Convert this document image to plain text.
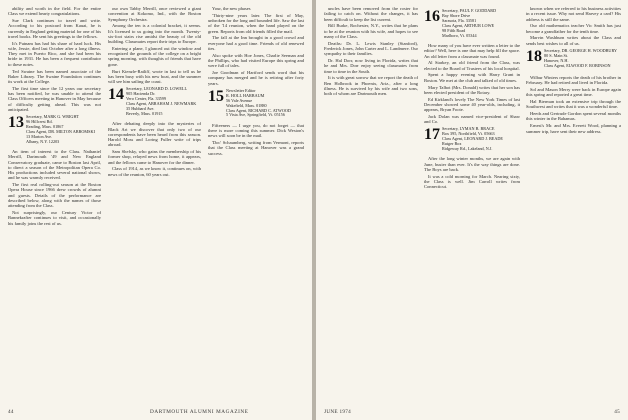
ability and worth in the field. For the entire Class we extend hearty congratulations.

Sue Clark continues to travel and write. According to his postcard from Kauai, he is currently in England getting material for one of his travel books. He sent his greetings to the fellows.

It's Putnam has had his share of hard luck. His wife, Jessie, died last October after a long illness. They met in Puerto Rico, and she had been his bride in 1931. He has been a frequent contributor to these notes.

Ted Swaine has been named associate of the Baker Library. The Swaine Foundation continues its work at the College.

The first time since the 12 years our secretary has been notified, he was unable to attend the Class Officers meeting in Hanover in May because of difficulty getting ahead. This was not anticipated.

13 Secretary, MARK G. WRIGHT
96 Hillcrest Rd.
Reading, Mass. 01867
Class Agent, DR. MILTON ABROMSKI
13 Marion Ave.
Albany, N.Y. 12203

An item of interest to the Class. Nathaniel Merrill, Dartmouth '49 and New England Conservatory graduate, came to Boston last April, to direct a season of the Metropolitan Opera Co. His productions included several national shows, and he was warmly received.

The first real rolling-out season at the Boston Opera House since 1966 drew crowds of alumni and guests. Details of the performance are described below, along with the names of those attending from the Class.

Not surprisingly, our Century Victor of Bannekrafter continues to visit, and occasionally his family joins the rest of us.

our own Tabby Merrill, once reviewed a giant convention at Kokomo, Ind., with the Boston Symphony Orchestra.

Among the ten is a colonial bracket, it seems. It's licensed to us going into the month. Twenty-six-foot stairs rise amidst the beauty of the old building. Classmates report their trips to Europe.

Entering a plane, I glanced out the window and recognized the grounds of the college on a bright spring morning, with thoughts of friends that have gone.

Burt Kienzle-Ratliff, wrote in last to tell us he has been busy with his new boat, and the summer will see him sailing the coast.

14 Secretary, LEONARD D. LOWELL
905 Hacienda Dr.
Vero Center, Fla. 33599
Class Agent, ABRAHAM J. NEWMARK
35 Hubbard Ave.
Beverly, Mass. 01915

After debating deeply into the mysteries of Black Art we discover that only two of our correspondents have been heard from this season. Harold Moss and Loring Fuller write of trips abroad.

Sam Shefsky, who gains the membership of his former shop, relayed news from home, it appears, and the fellows came to Hanover for the dinner.

Class of 1914, as we know it, continues on, with news of the reunion, 60 years out.

Your, the new phases

'Thirty-nine years later. The first of May, unbroken for the long and bounded life. Saw the last of the '14 reunion, when the band played on the green. Reports from old friends filled the mail.

The fall at the Inn brought in a good crowd and everyone had a good time. Friends of old renewed ties.

Also spoke with Hoe Jones, Charlie Seeman and the Phillips, who had visited Europe this spring and were full of tales.

Joe Goodman of Hartford sends word that his company has merged and he is retiring after forty years.

15 Newsletter Editor
R. HOLL HARBAUM
56 Vale Avenue
Wakefield, Mass. 01880
Class Agent, RICHARD C. ATWOOD
5 Vista Ave, Springfield, Vt. 05156

Fifteeners — I urge you, do not forget — that there is more coming this summer. Dick Weston's news will soon be in the mail.

'Doc' Schaumberg, writing from Vermont, reports that the Class meeting at Hanover was a grand success.

44	DARTMOUTH ALUMNI MAGAZINE

uncles have been removed from the roster for failing to catch on. Without the changes, it has been difficult to keep the list current.

Bill Burke, Rochester, N.Y., writes that he plans to be at the reunion with his wife, and hopes to see many of the Class.

Deaths: Dr. L. Lewis Stanley (Stanford), Frederick Jones, John Carter and L. Landmere. Our sympathy to their families.

Dr. Hal Dorr, now living in Florida, writes that he and Mrs. Dorr enjoy seeing classmates from time to time in the South.

It is with great sorrow that we report the death of Ben Holbrook in Phoenix, Ariz., after a long illness. He is survived by his wife and two sons, both of whom are Dartmouth men.

16 Secretary, PAUL F. GODDARD
Bay Shore Drive
Sarasota, Fla. 33581
Class Agent, ARTHUR LOWE
98 Fifth Road
Marlboro, Vt. 05344

How many of you have ever written a letter to the editor? Well, here is one that may help fill the space. An old letter from a classmate was found.

Al Starkey, an old friend from the Class, was elected to the Board of Trustees of his local hospital.

Spent a happy evening with Harry Grant in Boston. We met at the club and talked of old times.

Mary Talbot (Mrs. Donald) writes that her son has been elected president of the Rotary.

Ed Kirkland's lovely The New York Times of last December showed some 40 year-olds, including, it appears, Bryan Foote.

Jack Dolan was named vice-president of Shaw and Co.

17 Secretary, LYMAN B. BRACE
Box 395, Northfield, Vt. 05663
Class Agent, LEONARD J. BEADE
Rutger Box
Ridgeway Rd., Lakeland, N.J.

After the long winter months, we are again with June, busier than ever. It's the way things are done. The Boys are back.

It was a cold morning for March. Nearing sixty, the Class is well. Jim Carroll writes from Connecticut.

known when we referred to his business activities in a recent issue. Why not send Harvey a card? His address is still the same.

Our old mathematics teacher Vic Smith has just become a grandfather for the tenth time.

Marvin Washburn writes about the Class and sends best wishes to all of us.

18 Secretary, DR. GEORGE H. WOODBURY
80 S. Main St.
Hanover, N.H.
Class Agent, ELWOOD F. ROBINSON

Wilbur Winters reports the death of his brother in February. He had retired and lived in Florida.

Sol and Mason Merry were back in Europe again this spring and reported a great time.

Hal Bierman took an extensive trip through the Southwest and writes that it was a wonderful time.

Heeds and Gertrude Gordon spent several months this winter in the Bahamas.

Ernest's Mr. and Mrs. Everett Wood, planning a summer trip, have sent their new address.

JUNE 1974	45
